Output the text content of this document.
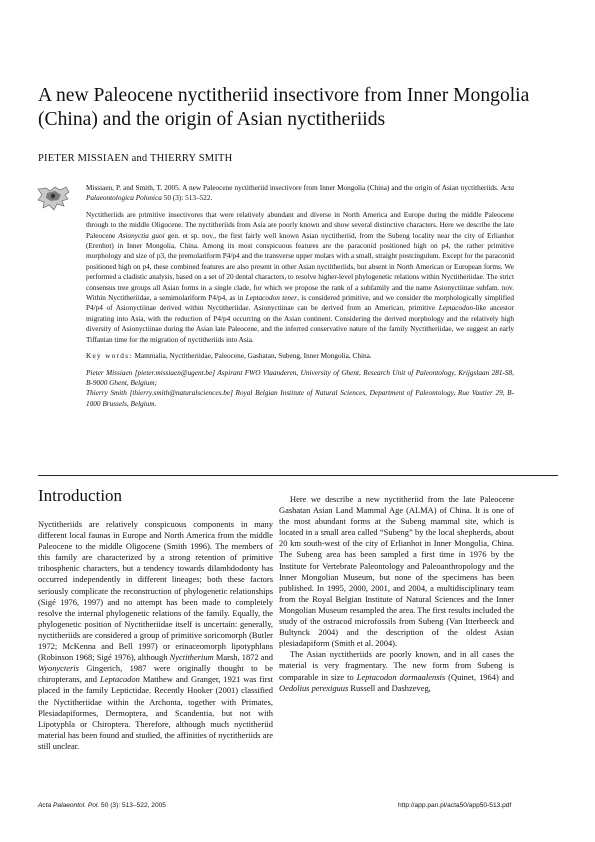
A new Paleocene nyctitheriid insectivore from Inner Mongolia (China) and the origin of Asian nyctitheriids
PIETER MISSIAEN and THIERRY SMITH

Missiaen, P. and Smith, T. 2005. A new Paleocene nyctitheriid insectivore from Inner Mongolia (China) and the origin of Asian nyctitheriids. Acta Palaeontologica Polonica 50 (3): 513–522.

Nyctitheriids are primitive insectivores that were relatively abundant and diverse in North America and Europe during the middle Paleocene through to the middle Oligocene. The nyctitheriids from Asia are poorly known and show several distinctive characters. Here we describe the late Paleocene Asionyctia guoi gen. et sp. nov., the first fairly well known Asian nyctitheriid, from the Subeng locality near the city of Erlianhot (Erenhot) in Inner Mongolia, China. Among its most conspicuous features are the paraconid positioned high on p4, the rather primitive morphology and size of p3, the premolariform P4/p4 and the transverse upper molars with a small, straight postcingulum. Except for the paraconid positioned high on p4, these combined features are also present in other Asian nyctitheriids, but absent in North American or European forms. We performed a cladistic analysis, based on a set of 20 dental characters, to resolve higher-level phylogenetic relations within Nyctitheriidae. The strict consensus tree groups all Asian forms in a single clade, for which we propose the rank of a subfamily and the name Asionyctiinae subfam. nov. Within Nyctitheriidae, a semimolariform P4/p4, as in Leptacodon tener, is considered primitive, and we consider the morphologically simplified P4/p4 of Asionyctiinae derived within Nyctitheriidae. Asionyctiinae can be derived from an American, primitive Leptacodon-like ancestor migrating into Asia, with the reduction of P4/p4 occurring on the Asian continent. Considering the derived morphology and the relatively high diversity of Asionyctiinae during the Asian late Paleocene, and the inferred conservative nature of the family Nyctitheriidae, we suggest an early Tiffanian time for the migration of nyctitheriids into Asia.

Key words: Mammalia, Nyctitheriidae, Paleocene, Gashatan, Subeng, Inner Mongolia, China.

Pieter Missiaen [pieter.missiaen@ugent.be] Aspirant FWO Vlaanderen, University of Ghent, Research Unit of Paleontology, Krijgslaan 281-S8, B-9000 Ghent, Belgium;

Thierry Smith [thierry.smith@naturalsciences.be] Royal Belgian Institute of Natural Sciences, Department of Paleontology, Rue Vautier 29, B-1000 Brussels, Belgium.

Introduction

Nyctitheriids are relatively conspicuous components in many different local faunas in Europe and North America from the middle Paleocene to the middle Oligocene (Smith 1996). The members of this family are characterized by a strong retention of primitive tribosphenic characters, but a tendency towards dilambdodonty has occurred independently in different lineages; both these factors seriously complicate the reconstruction of phylogenetic relationships (Sigé 1976, 1997) and no attempt has been made to completely resolve the internal phylogenetic relations of the family. Equally, the phylogenetic position of Nyctitheriidae itself is uncertain: generally, nyctitheriids are considered a group of primitive soricomorph (Butler 1972; McKenna and Bell 1997) or erinaceomorph lipotyphlans (Robinson 1968; Sigé 1976), although Nyctitherium Marsh, 1872 and Wyonycteris Gingerich, 1987 were originally thought to be chiropterans, and Leptacodon Matthew and Granger, 1921 was first placed in the family Leptictidae. Recently Hooker (2001) classified the Nyctitheriidae within the Archonta, together with Primates, Plesiadapiformes, Dermoptera, and Scandentia, but not with Lipotyphla or Chiroptera. Therefore, although much nyctitheriid material has been found and studied, the affinities of nyctitheriids are still unclear.

Here we describe a new nyctitheriid from the late Paleocene Gashatan Asian Land Mammal Age (ALMA) of China. It is one of the most abundant forms at the Subeng mammal site, which is located in a small area called “Subeng” by the local shepherds, about 20 km south-west of the city of Erlianhot in Inner Mongolia, China. The Subeng area has been sampled a first time in 1976 by the Institute for Vertebrate Paleontology and Paleoanthropology and the Inner Mongolian Museum, but none of the specimens has been published. In 1995, 2000, 2001, and 2004, a multidisciplinary team from the Royal Belgian Institute of Natural Sciences and the Inner Mongolian Museum resampled the area. The first results included the study of the ostracod microfossils from Subeng (Van Itterbeeck and Bultynck 2004) and the description of the oldest Asian plesiadapiform (Smith et al. 2004).

The Asian nyctitheriids are poorly known, and in all cases the material is very fragmentary. The new form from Subeng is comparable in size to Leptacodon dormaalensis (Quinet, 1964) and Oedolius perexiguus Russell and Dashzeveg,

Acta Palaeontol. Pol. 50 (3): 513–522, 2005	http://app.pan.pl/acta50/app50-513.pdf
